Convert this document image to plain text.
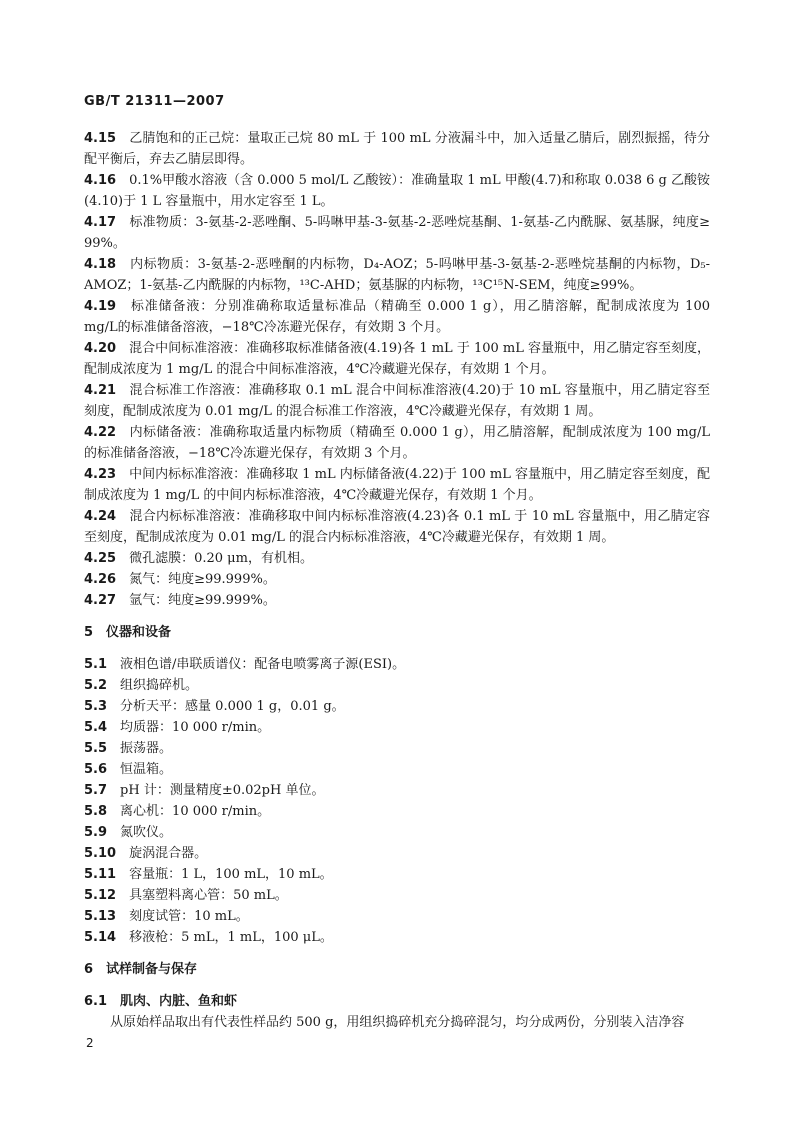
GB/T 21311—2007
4.15　 乙腈饱和的正己烷：量取正己烷 80 mL 于 100 mL 分液漏斗中，加入适量乙腈后，剧烈振摇，待分配平衡后，弃去乙腈层即得。
4.16　 0.1%甲酸水溶液（含 0.000 5 mol/L 乙酸铵）：准确量取 1 mL 甲酸(4.7)和称取 0.038 6 g 乙酸铵(4.10)于 1 L 容量瓶中，用水定容至 1 L。
4.17　 标准物质：3-氨基-2-恶唑酮、5-吗啉甲基-3-氨基-2-恶唑烷基酮、1-氨基-乙内酰脲、氨基脲，纯度≥ 99%。
4.18　 内标物质：3-氨基-2-恶唑酮的内标物，D₄-AOZ；5-吗啉甲基-3-氨基-2-恶唑烷基酮的内标物，D₅-AMOZ；1-氨基-乙内酰脲的内标物，¹³C-AHD；氨基脲的内标物，¹³C¹⁵N-SEM，纯度≥99%。
4.19　 标准储备液：分别准确称取适量标准品（精确至 0.000 1 g），用乙腈溶解，配制成浓度为 100 mg/L的标准储备溶液，−18℃冷冻避光保存，有效期 3 个月。
4.20　 混合中间标准溶液：准确移取标准储备液(4.19)各 1 mL 于 100 mL 容量瓶中，用乙腈定容至刻度，配制成浓度为 1 mg/L 的混合中间标准溶液，4℃冷藏避光保存，有效期 1 个月。
4.21　 混合标准工作溶液：准确移取 0.1 mL 混合中间标准溶液(4.20)于 10 mL 容量瓶中，用乙腈定容至刻度，配制成浓度为 0.01 mg/L 的混合标准工作溶液，4℃冷藏避光保存，有效期 1 周。
4.22　 内标储备液：准确称取适量内标物质（精确至 0.000 1 g），用乙腈溶解，配制成浓度为 100 mg/L 的标准储备溶液，−18℃冷冻避光保存，有效期 3 个月。
4.23　 中间内标标准溶液：准确移取 1 mL 内标储备液(4.22)于 100 mL 容量瓶中，用乙腈定容至刻度，配制成浓度为 1 mg/L 的中间内标标准溶液，4℃冷藏避光保存，有效期 1 个月。
4.24　 混合内标标准溶液：准确移取中间内标标准溶液(4.23)各 0.1 mL 于 10 mL 容量瓶中，用乙腈定容至刻度，配制成浓度为 0.01 mg/L 的混合内标标准溶液，4℃冷藏避光保存，有效期 1 周。
4.25　 微孔滤膜：0.20 μm，有机相。
4.26　 氮气：纯度≥99.999%。
4.27　 氩气：纯度≥99.999%。
5　仪器和设备
5.1　 液相色谱/串联质谱仪：配备电喷雾离子源(ESI)。
5.2　 组织捣碎机。
5.3　 分析天平：感量 0.000 1 g，0.01 g。
5.4　 均质器：10 000 r/min。
5.5　 振荡器。
5.6　 恒温箱。
5.7　 pH 计：测量精度±0.02pH 单位。
5.8　 离心机：10 000 r/min。
5.9　 氮吹仪。
5.10　 旋涡混合器。
5.11　 容量瓶：1 L，100 mL，10 mL。
5.12　 具塞塑料离心管：50 mL。
5.13　 刻度试管：10 mL。
5.14　 移液枪：5 mL，1 mL，100 μL。
6　试样制备与保存
6.1　肌肉、内脏、鱼和虾
从原始样品取出有代表性样品约 500 g，用组织捣碎机充分捣碎混匀，均分成两份，分别装入洁净容
2
